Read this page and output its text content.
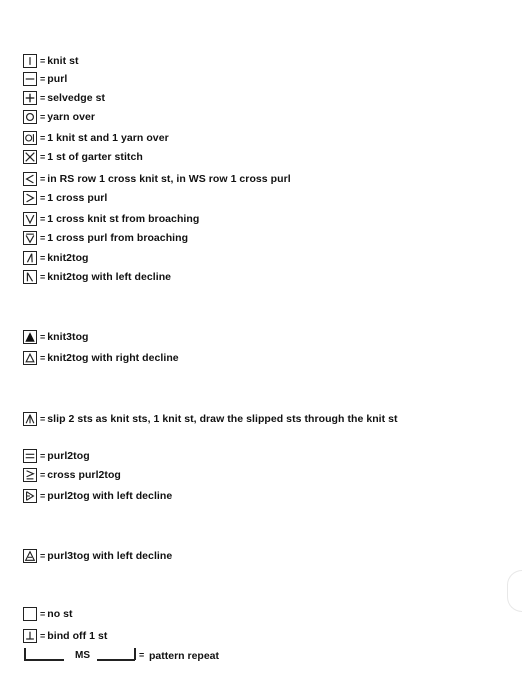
= knit st
= purl
= selvedge st
= yarn over
= 1 knit st and 1 yarn over
= 1 st of garter stitch
= in RS row 1 cross knit st, in WS row 1 cross purl
= 1 cross purl
= 1 cross knit st from broaching
= 1 cross purl from broaching
= knit2tog
= knit2tog with left decline
= knit3tog
= knit2tog with right decline
= slip 2 sts as knit sts, 1 knit st, draw the slipped sts through the knit st
= purl2tog
= cross purl2tog
= purl2tog with left decline
= purl3tog with left decline
= no st
= bind off 1 st
MS	= pattern repeat
